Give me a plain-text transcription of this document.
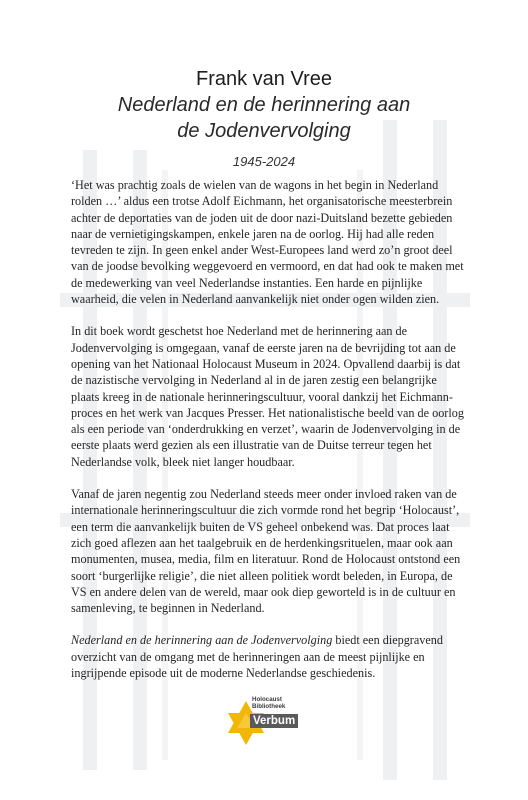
Frank van Vree

Nederland en de herinnering aan

de Jodenvervolging

1945-2024

‘Het was prachtig zoals de wielen van de wagons in het begin in Nederland rolden …’ aldus een trotse Adolf Eichmann, het organisatorische meesterbrein achter de deportaties van de joden uit de door nazi-Duitsland bezette gebieden naar de vernietigingskampen, enkele jaren na de oorlog. Hij had alle reden tevreden te zijn. In geen enkel ander West-Europees land werd zo’n groot deel van de joodse bevolking weggevoerd en vermoord, en dat had ook te maken met de medewerking van veel Nederlandse instanties. Een harde en pijnlijke waarheid, die velen in Nederland aanvankelijk niet onder ogen wilden zien.

In dit boek wordt geschetst hoe Nederland met de herinnering aan de Jodenvervolging is omgegaan, vanaf de eerste jaren na de bevrijding tot aan de opening van het Nationaal Holocaust Museum in 2024. Opvallend daarbij is dat de nazistische vervolging in Nederland al in de jaren zestig een belangrijke plaats kreeg in de nationale herinneringscultuur, vooral dankzij het Eichmann-proces en het werk van Jacques Presser. Het nationalistische beeld van de oorlog als een periode van ‘onderdrukking en verzet’, waarin de Jodenvervolging in de eerste plaats werd gezien als een illustratie van de Duitse terreur tegen het Nederlandse volk, bleek niet langer houdbaar.

Vanaf de jaren negentig zou Nederland steeds meer onder invloed raken van de internationale herinneringscultuur die zich vormde rond het begrip ‘Holocaust’, een term die aanvankelijk buiten de VS geheel onbekend was. Dat proces laat zich goed aflezen aan het taalgebruik en de herdenkingsrituelen, maar ook aan monumenten, musea, media, film en literatuur. Rond de Holocaust ontstond een soort ‘burgerlijke religie’, die niet alleen politiek wordt beleden, in Europa, de VS en andere delen van de wereld, maar ook diep geworteld is in de cultuur en samenleving, te beginnen in Nederland.

Nederland en de herinnering aan de Jodenvervolging biedt een diepgravend overzicht van de omgang met de herinneringen aan de meest pijnlijke en ingrijpende episode uit de moderne Nederlandse geschiedenis.

Holocaust
Bibliotheek
Verbum
